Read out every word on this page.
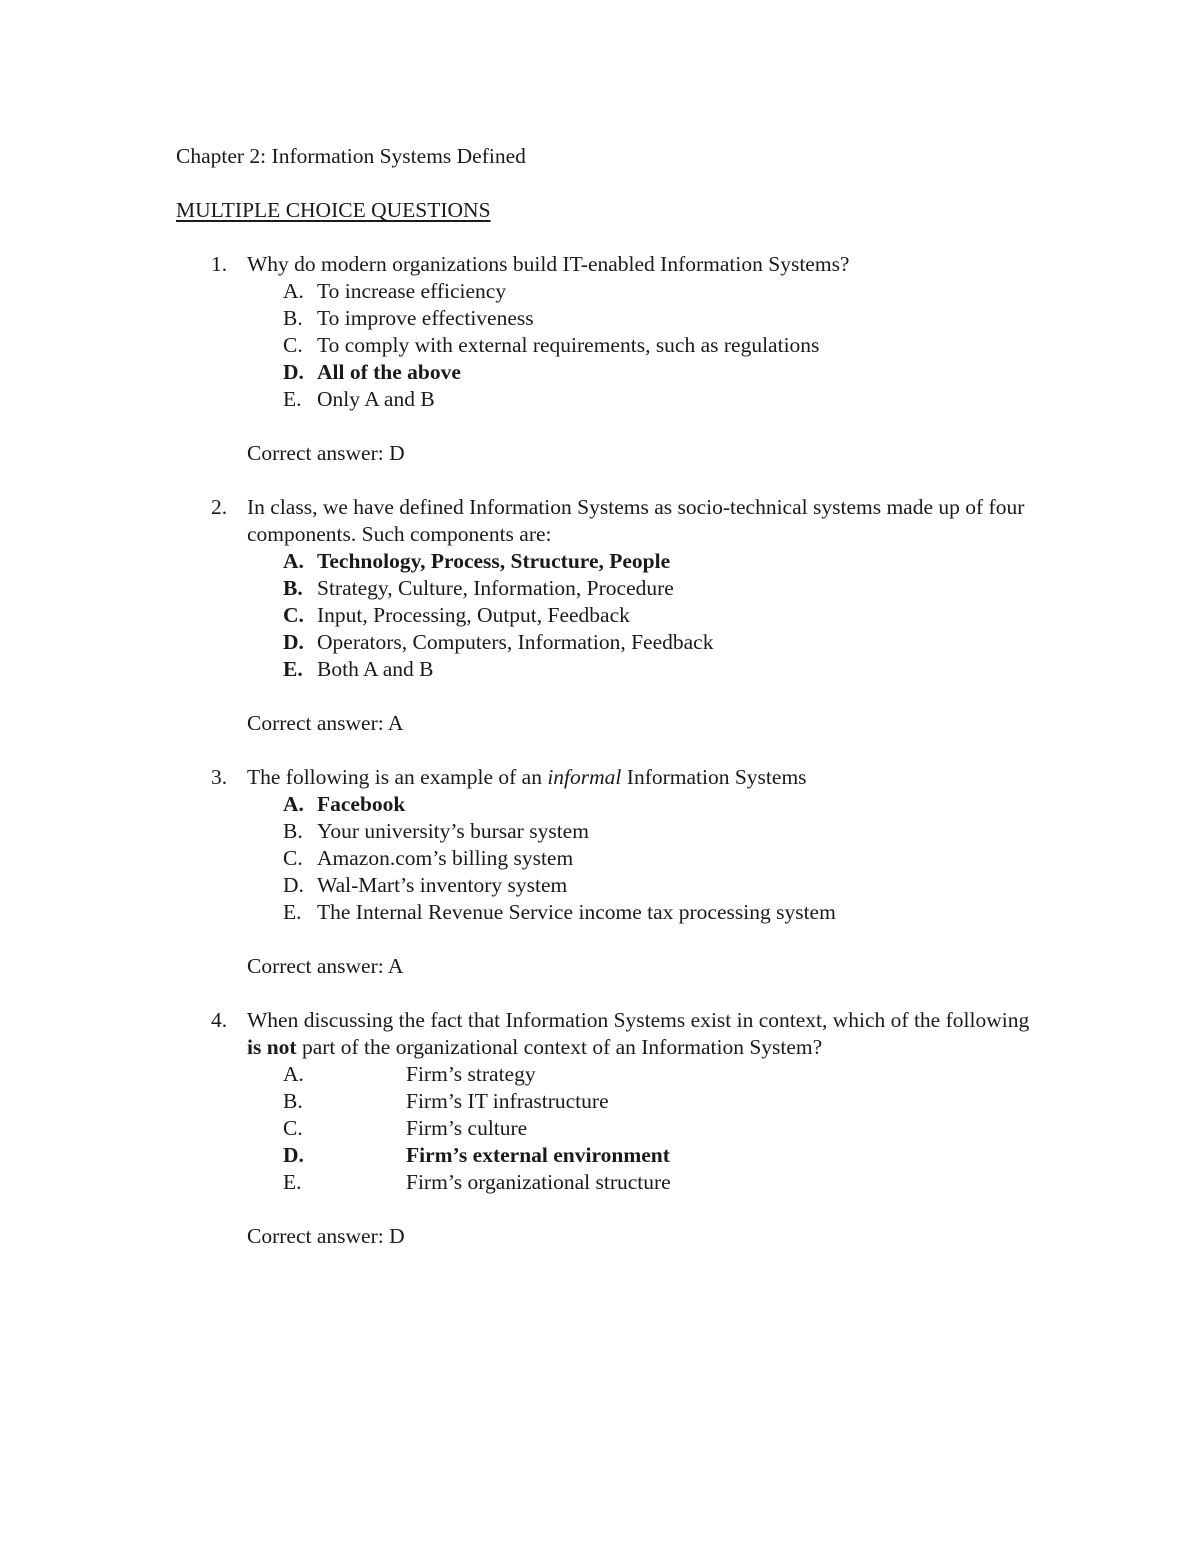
Chapter 2: Information Systems Defined
MULTIPLE CHOICE QUESTIONS
1. Why do modern organizations build IT-enabled Information Systems?
A. To increase efficiency
B. To improve effectiveness
C. To comply with external requirements, such as regulations
D. All of the above
E. Only A and B
Correct answer: D
2. In class, we have defined Information Systems as socio-technical systems made up of four components. Such components are:
A. Technology, Process, Structure, People
B. Strategy, Culture, Information, Procedure
C. Input, Processing, Output, Feedback
D. Operators, Computers, Information, Feedback
E. Both A and B
Correct answer: A
3. The following is an example of an informal Information Systems
A. Facebook
B. Your university’s bursar system
C. Amazon.com’s billing system
D. Wal-Mart’s inventory system
E. The Internal Revenue Service income tax processing system
Correct answer: A
4. When discussing the fact that Information Systems exist in context, which of the following is not part of the organizational context of an Information System?
A.	Firm’s strategy
B.	Firm’s IT infrastructure
C.	Firm’s culture
D.	Firm’s external environment
E.	Firm’s organizational structure
Correct answer: D
